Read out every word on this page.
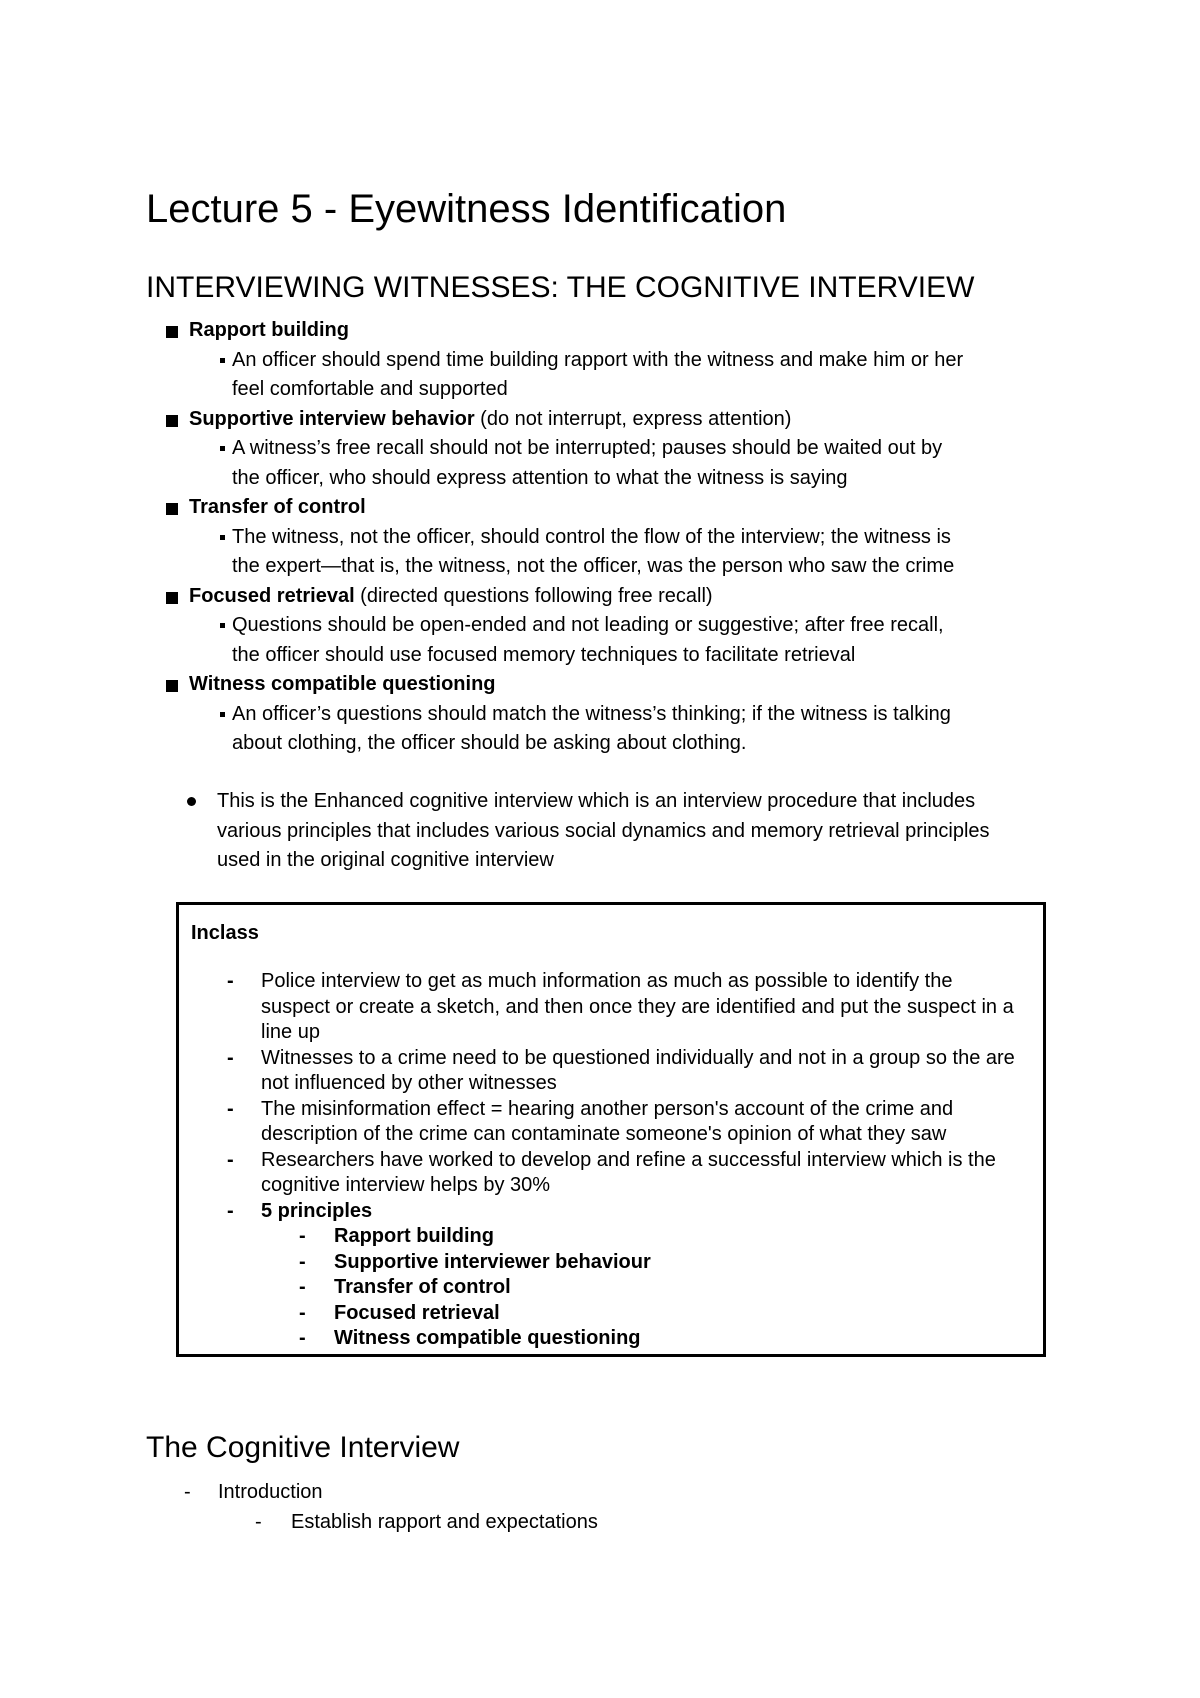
Lecture 5 - Eyewitness Identification
INTERVIEWING WITNESSES: THE COGNITIVE INTERVIEW
Rapport building
An officer should spend time building rapport with the witness and make him or her
feel comfortable and supported
Supportive interview behavior (do not interrupt, express attention)
A witness’s free recall should not be interrupted; pauses should be waited out by
the officer, who should express attention to what the witness is saying
Transfer of control
The witness, not the officer, should control the flow of the interview; the witness is
the expert—that is, the witness, not the officer, was the person who saw the crime
Focused retrieval (directed questions following free recall)
Questions should be open-ended and not leading or suggestive; after free recall,
the officer should use focused memory techniques to facilitate retrieval
Witness compatible questioning
An officer’s questions should match the witness’s thinking; if the witness is talking
about clothing, the officer should be asking about clothing.
This is the Enhanced cognitive interview which is an interview procedure that includes various principles that includes various social dynamics and memory retrieval principles used in the original cognitive interview
Inclass
- Police interview to get as much information as much as possible to identify the suspect or create a sketch, and then once they are identified and put the suspect in a line up
- Witnesses to a crime need to be questioned individually and not in a group so the are not influenced by other witnesses
- The misinformation effect = hearing another person's account of the crime and description of the crime can contaminate someone's opinion of what they saw
- Researchers have worked to develop and refine a successful interview which is the cognitive interview helps by 30%
- 5 principles
- Rapport building
- Supportive interviewer behaviour
- Transfer of control
- Focused retrieval
- Witness compatible questioning
The Cognitive Interview
- Introduction
- Establish rapport and expectations
